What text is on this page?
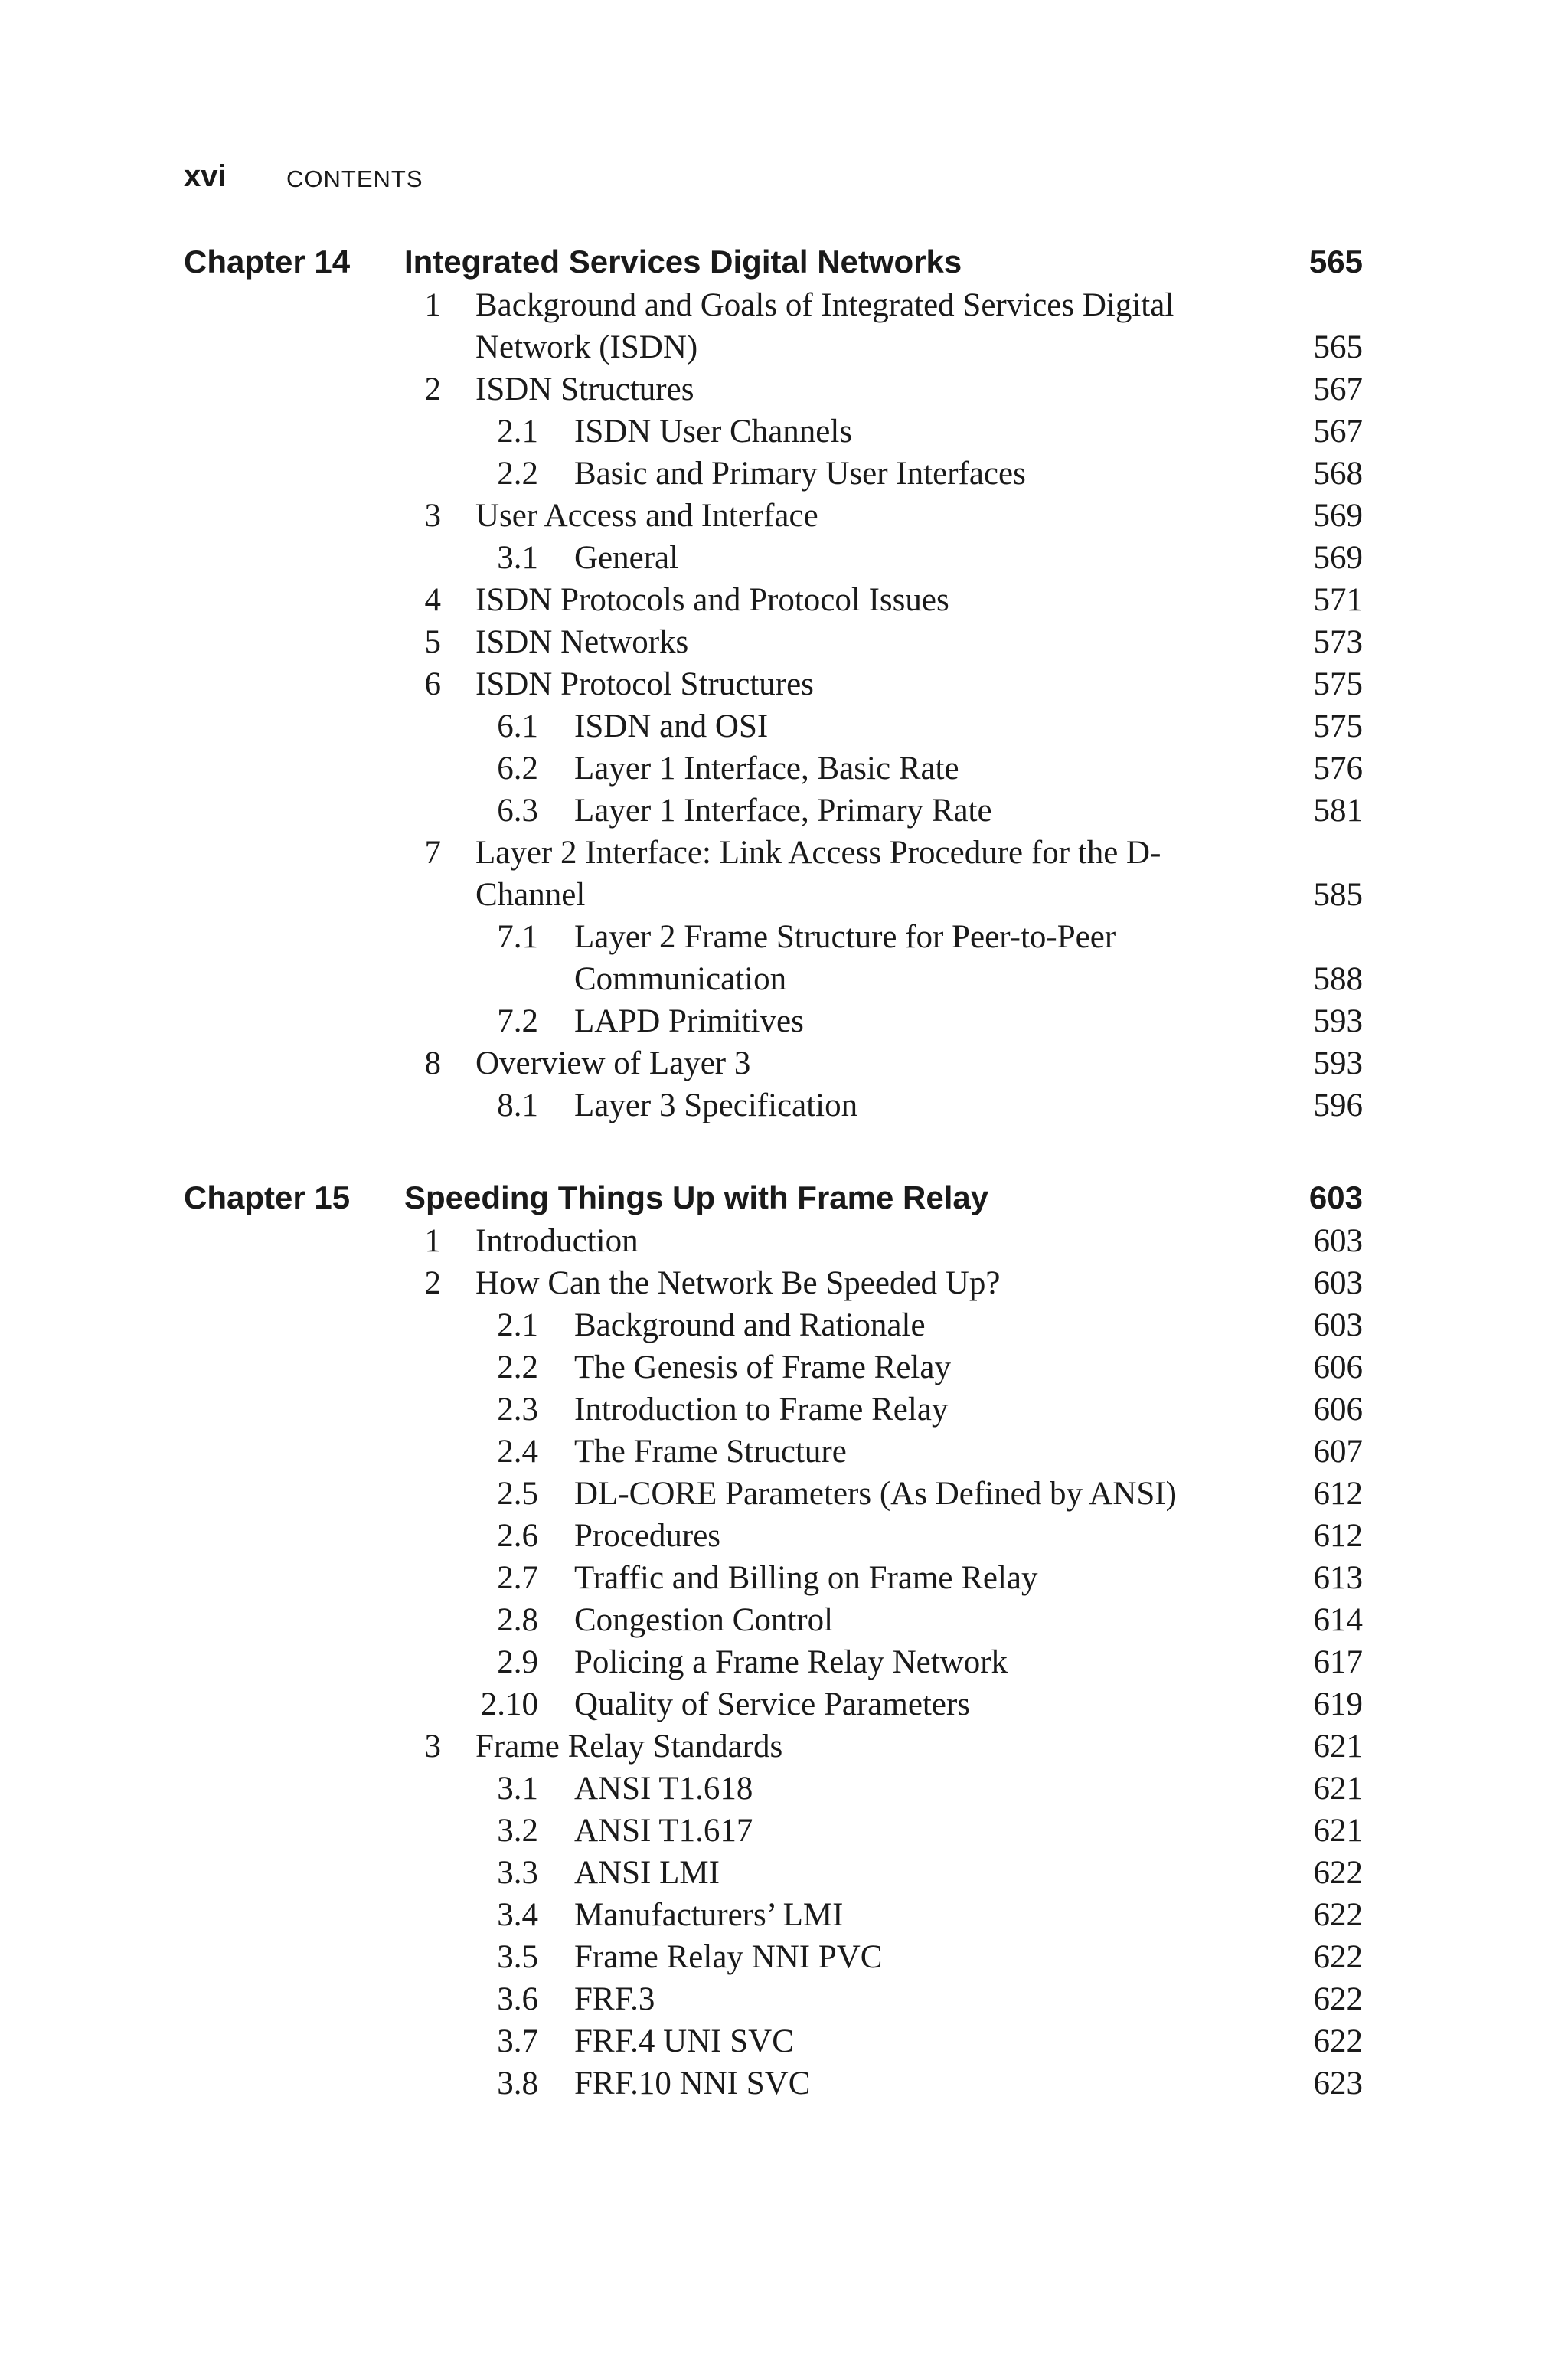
xvi	CONTENTS
Chapter 14 Integrated Services Digital Networks	565
1 Background and Goals of Integrated Services Digital Network (ISDN)	565
2 ISDN Structures	567
2.1 ISDN User Channels	567
2.2 Basic and Primary User Interfaces	568
3 User Access and Interface	569
3.1 General	569
4 ISDN Protocols and Protocol Issues	571
5 ISDN Networks	573
6 ISDN Protocol Structures	575
6.1 ISDN and OSI	575
6.2 Layer 1 Interface, Basic Rate	576
6.3 Layer 1 Interface, Primary Rate	581
7 Layer 2 Interface: Link Access Procedure for the D-Channel	585
7.1 Layer 2 Frame Structure for Peer-to-Peer Communication	588
7.2 LAPD Primitives	593
8 Overview of Layer 3	593
8.1 Layer 3 Specification	596
Chapter 15 Speeding Things Up with Frame Relay	603
1 Introduction	603
2 How Can the Network Be Speeded Up?	603
2.1 Background and Rationale	603
2.2 The Genesis of Frame Relay	606
2.3 Introduction to Frame Relay	606
2.4 The Frame Structure	607
2.5 DL-CORE Parameters (As Defined by ANSI)	612
2.6 Procedures	612
2.7 Traffic and Billing on Frame Relay	613
2.8 Congestion Control	614
2.9 Policing a Frame Relay Network	617
2.10 Quality of Service Parameters	619
3 Frame Relay Standards	621
3.1 ANSI T1.618	621
3.2 ANSI T1.617	621
3.3 ANSI LMI	622
3.4 Manufacturers’ LMI	622
3.5 Frame Relay NNI PVC	622
3.6 FRF.3	622
3.7 FRF.4 UNI SVC	622
3.8 FRF.10 NNI SVC	623
